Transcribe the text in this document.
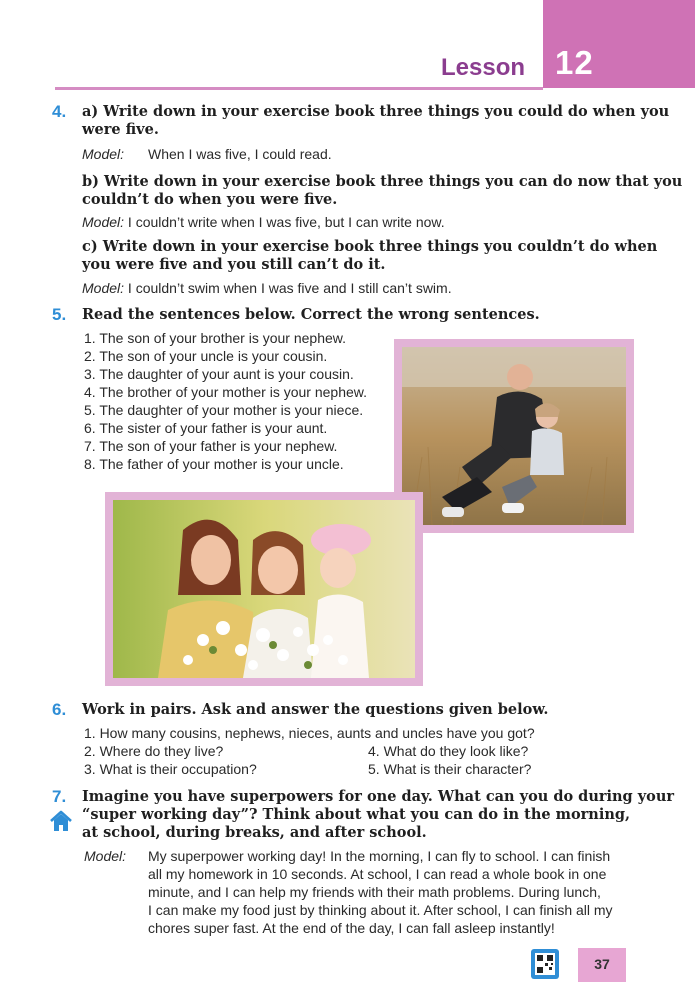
12
Lesson
4. a) Write down in your exercise book three things you could do when you
were five.
Model: When I was five, I could read.
b) Write down in your exercise book three things you can do now that you
couldn’t do when you were five.
Model: I couldn’t write when I was five, but I can write now.
c) Write down in your exercise book three things you couldn’t do when
you were five and you still can’t do it.
Model: I couldn’t swim when I was five and I still can’t swim.
5. Read the sentences below. Correct the wrong sentences.
1. The son of your brother is your nephew.
2. The son of your uncle is your cousin.
3. The daughter of your aunt is your cousin.
4. The brother of your mother is your nephew.
5. The daughter of your mother is your niece.
6. The sister of your father is your aunt.
7. The son of your father is your nephew.
8. The father of your mother is your uncle.
6. Work in pairs. Ask and answer the questions given below.
1. How many cousins, nephews, nieces, aunts and uncles have you got?
2. Where do they live?
3. What is their occupation?
4. What do they look like?
5. What is their character?
7. Imagine you have superpowers for one day. What can you do during your
“super working day”? Think about what you can do in the morning,
at school, during breaks, and after school.
Model: My superpower working day! In the morning, I can fly to school. I can finish
all my homework in 10 seconds. At school, I can read a whole book in one
minute, and I can help my friends with their math problems. During lunch,
I can make my food just by thinking about it. After school, I can finish all my
chores super fast. At the end of the day, I can fall asleep instantly!
37
